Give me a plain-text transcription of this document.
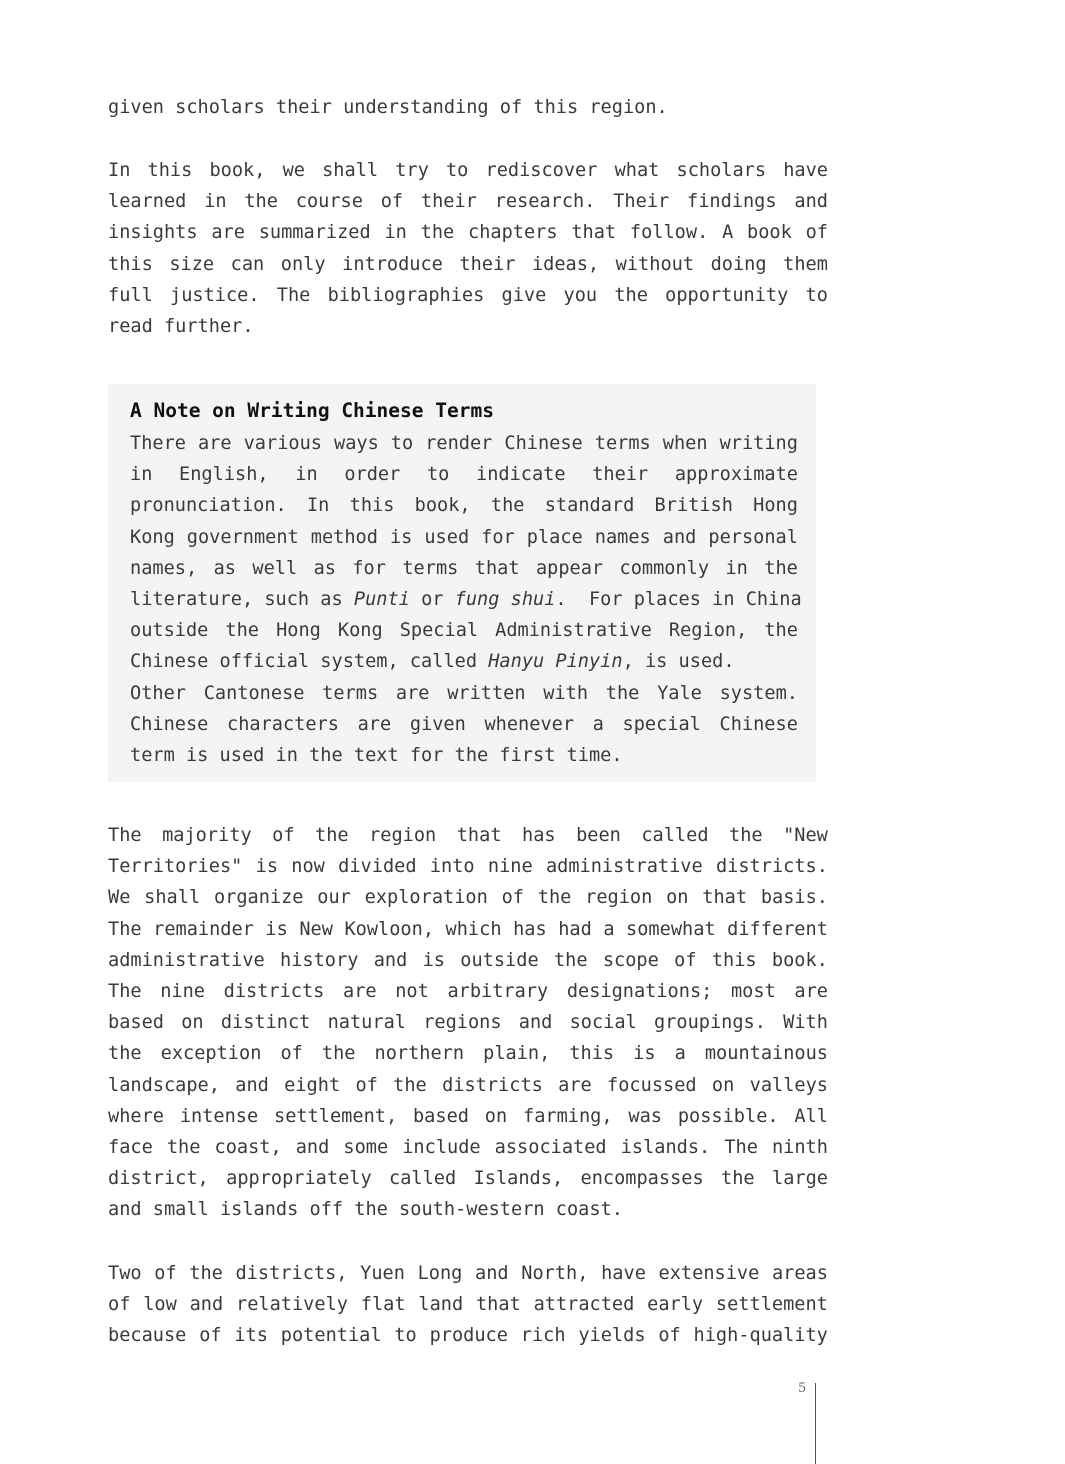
given scholars their understanding of this region.
In this book, we shall try to rediscover what scholars have
learned in the course of their research. Their findings and
insights are summarized in the chapters that follow. A book of
this size can only introduce their ideas, without doing them
full justice. The bibliographies give you the opportunity to
read further.
A Note on Writing Chinese Terms
There are various ways to render Chinese terms when writing
in English, in order to indicate their approximate
pronunciation. In this book, the standard British Hong
Kong government method is used for place names and personal
names, as well as for terms that appear commonly in the
literature, such as Punti or fung shui .  For places in China
outside the Hong Kong Special Administrative Region, the
Chinese official system, called Hanyu Pinyin , is used.
Other Cantonese terms are written with the Yale system.
Chinese characters are given whenever a special Chinese
term is used in the text for the first time.
The majority of the region that has been called the "New
Territories" is now divided into nine administrative districts.
We shall organize our exploration of the region on that basis.
The remainder is New Kowloon, which has had a somewhat different
administrative history and is outside the scope of this book.
The nine districts are not arbitrary designations; most are
based on distinct natural regions and social groupings. With
the exception of the northern plain, this is a mountainous
landscape, and eight of the districts are focussed on valleys
where intense settlement, based on farming, was possible. All
face the coast, and some include associated islands. The ninth
district, appropriately called Islands, encompasses the large
and small islands off the south-western coast.
Two of the districts, Yuen Long and North, have extensive areas
of low and relatively flat land that attracted early settlement
because of its potential to produce rich yields of high-quality
5
